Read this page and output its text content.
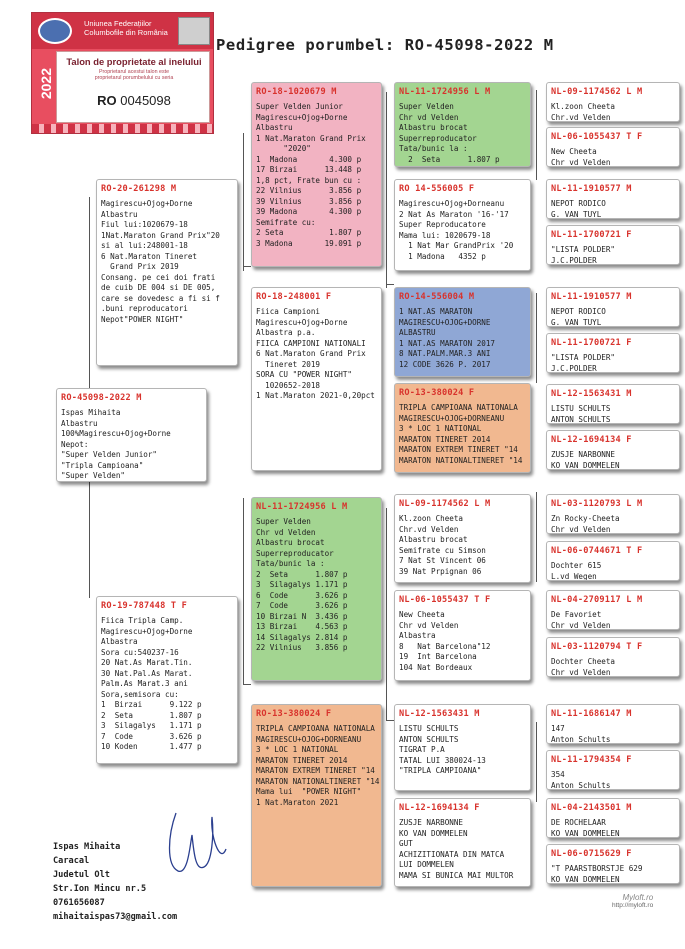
Pedigree porumbel: RO-45098-2022 M
Uniunea Federațiilor
Columbofile din România
2022
Talon de proprietate al inelului
Proprietarul acestui talon este
proprietarul porumbelului cu seria
RO 0045098
RO-45098-2022 M
Ispas Mihaita
Albastru
100%Magirescu+Ojog+Dorne
Nepot:
"Super Velden Junior"
"Tripla Campioana"
"Super Velden"
RO-20-261298 M
Magirescu+Ojog+Dorne
Albastru
Fiul lui:1020679-18
1Nat.Maraton Grand Prix"20
si al lui:248001-18
6 Nat.Maraton Tineret
Grand Prix 2019
Consang. pe cei doi frati
de cuib DE 004 si DE 005,
care se dovedesc a fi si f
.buni reproducatori
Nepot"POWER NIGHT"
RO-19-787448 T F
Fiica Tripla Camp.
Magirescu+Ojog+Dorne
Albastra
Sora cu:540237-16
20 Nat.As Marat.Tin.
30 Nat.Pal.As Marat.
Palm.As Marat.3 ani
Sora,semisora cu:
1  Birzai      9.122 p
2  Seta        1.807 p
3  Silagalys   1.171 p
7  Code        3.626 p
10 Koden       1.477 p
RO-18-1020679 M
Super Velden Junior
Magirescu+Ojog+Dorne
Albastru
1 Nat.Maraton Grand Prix
"2020"
1  Madona       4.300 p
17 Birzai      13.448 p
1,8 pct, Frate bun cu :
22 Vilnius      3.856 p
39 Vilnius      3.856 p
39 Madona       4.300 p
Semifrate cu:
2 Seta          1.807 p
3 Madona       19.091 p
RO-18-248001 F
Fiica Campioni
Magirescu+Ojog+Dorne
Albastra p.a.
FIICA CAMPIONI NATIONALI
6 Nat.Maraton Grand Prix
Tineret 2019
SORA CU "POWER NIGHT"
1020652-2018
1 Nat.Maraton 2021-0,20pct
NL-11-1724956 L M
Super Velden
Chr vd Velden
Albastru brocat
Superreproducator
Tata/bunic la :
2  Seta      1.807 p
3  Silagalys 1.171 p
6  Code      3.626 p
7  Code      3.626 p
10 Birzai N  3.436 p
13 Birzai    4.563 p
14 Silagalys 2.814 p
22 Vilnius   3.856 p
RO-13-380024 F
TRIPLA CAMPIOANA NATIONALA
MAGIRESCU+OJOG+DORNEANU
3 * LOC 1 NATIONAL
MARATON TINERET 2014
MARATON EXTREM TINERET "14
MARATON NATIONALTINERET "14
Mama lui  "POWER NIGHT"
1 Nat.Maraton 2021
NL-11-1724956 L M
Super Velden
Chr vd Velden
Albastru brocat
Superreproducator
Tata/bunic la :
2  Seta      1.807 p
RO 14-556005 F
Magirescu+Ojog+Dorneanu
2 Nat As Maraton '16-'17
Super Reproducatore
Mama lui: 1020679-18
1 Nat Mar GrandPrix '20
1 Madona   4352 p
RO-14-556004 M
1 NAT.AS MARATON
MAGIRESCU+OJOG+DORNE
ALBASTRU
1 NAT.AS MARATON 2017
8 NAT.PALM.MAR.3 ANI
12 CODE 3626 P. 2017
RO-13-380024 F
TRIPLA CAMPIOANA NATIONALA
MAGIRESCU+OJOG+DORNEANU
3 * LOC 1 NATIONAL
MARATON TINERET 2014
MARATON EXTREM TINERET "14
MARATON NATIONALTINERET "14
NL-09-1174562 L M
Kl.zoon Cheeta
Chr.vd Velden
Albastru brocat
Semifrate cu Simson
7 Nat St Vincent 06
39 Nat Prpignan 06
NL-06-1055437 T F
New Cheeta
Chr vd Velden
Albastra
8   Nat Barcelona"12
19  Int Barcelona
104 Nat Bordeaux
NL-12-1563431 M
LISTU SCHULTS
ANTON SCHULTS
TIGRAT P.A
TATAL LUI 380024-13
"TRIPLA CAMPIOANA"
NL-12-1694134 F
ZUSJE NARBONNE
KO VAN DOMMELEN
GUT
ACHIZITIONATA DIN MATCA
LUI DOMMELEN
MAMA SI BUNICA MAI MULTOR
NL-09-1174562 L M
Kl.zoon Cheeta
Chr.vd Velden
NL-06-1055437 T F
New Cheeta
Chr vd Velden
NL-11-1910577 M
NEPOT RODICO
G. VAN TUYL
NL-11-1700721 F
"LISTA POLDER"
J.C.POLDER
NL-11-1910577 M
NEPOT RODICO
G. VAN TUYL
NL-11-1700721 F
"LISTA POLDER"
J.C.POLDER
NL-12-1563431 M
LISTU SCHULTS
ANTON SCHULTS
NL-12-1694134 F
ZUSJE NARBONNE
KO VAN DOMMELEN
NL-03-1120793 L M
Zn Rocky-Cheeta
Chr vd Velden
NL-06-0744671 T F
Dochter 615
L.vd Wegen
NL-04-2709117 L M
De Favoriet
Chr vd Velden
NL-03-1120794 T F
Dochter Cheeta
Chr vd Velden
NL-11-1686147 M
147
Anton Schults
NL-11-1794354 F
354
Anton Schults
NL-04-2143501 M
DE ROCHELAAR
KO VAN DOMMELEN
NL-06-0715629 F
"T PAARSTBORSTJE 629
KO VAN DOMMELEN
Ispas Mihaita
Caracal
Judetul Olt
Str.Ion Mincu nr.5
0761656087
mihaitaispas73@gmail.com
Myloft.ro
http://myloft.ro
